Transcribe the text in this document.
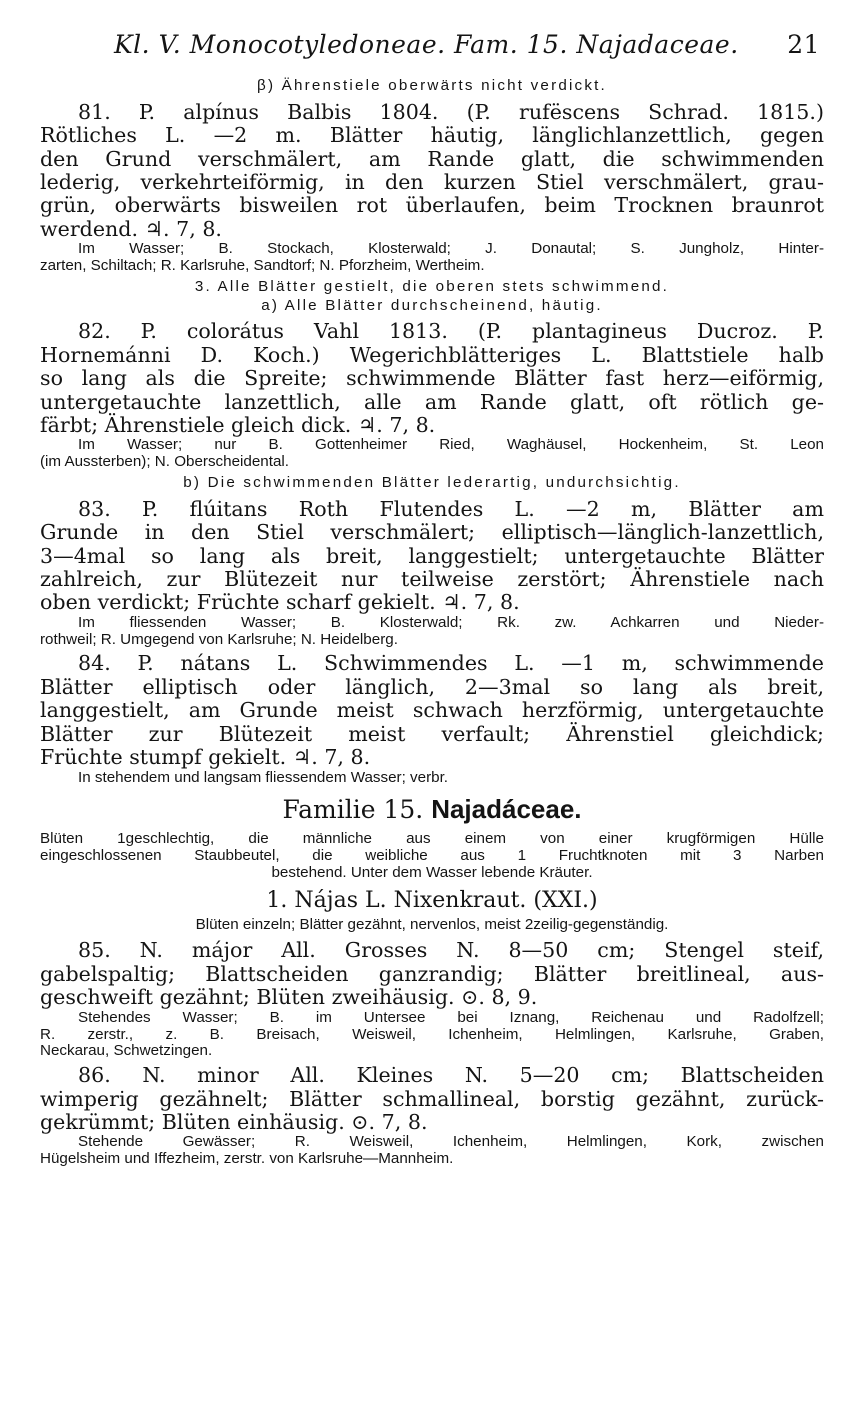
Kl. V. Monocotyledoneae. Fam. 15. Najadaceae. 21

β) Ährenstiele oberwärts nicht verdickt.

81. P. alpínus Balbis 1804. (P. rufëscens Schrad. 1815.)

Rötliches L. —2 m. Blätter häutig, länglichlanzettlich, gegen

den Grund verschmälert, am Rande glatt, die schwimmenden

lederig, verkehrteiförmig, in den kurzen Stiel verschmälert, grau-

grün, oberwärts bisweilen rot überlaufen, beim Trocknen braunrot

werdend. ♃. 7, 8.

Im Wasser; B. Stockach, Klosterwald; J. Donautal; S. Jungholz, Hinter-

zarten, Schiltach; R. Karlsruhe, Sandtorf; N. Pforzheim, Wertheim.

3. Alle Blätter gestielt, die oberen stets schwimmend.

a) Alle Blätter durchscheinend, häutig.

82. P. colorátus Vahl 1813. (P. plantagineus Ducroz. P.

Hornemánni D. Koch.) Wegerichblätteriges L. Blattstiele halb

so lang als die Spreite; schwimmende Blätter fast herz—eiförmig,

untergetauchte lanzettlich, alle am Rande glatt, oft rötlich ge-

färbt; Ährenstiele gleich dick. ♃. 7, 8.

Im Wasser; nur B. Gottenheimer Ried, Waghäusel, Hockenheim, St. Leon

(im Aussterben); N. Oberscheidental.

b) Die schwimmenden Blätter lederartig, undurchsichtig.

83. P. flúitans Roth Flutendes L. —2 m, Blätter am

Grunde in den Stiel verschmälert; elliptisch—länglich-lanzettlich,

3—4mal so lang als breit, langgestielt; untergetauchte Blätter

zahlreich, zur Blütezeit nur teilweise zerstört; Ährenstiele nach

oben verdickt; Früchte scharf gekielt. ♃. 7, 8.

Im fliessenden Wasser; B. Klosterwald; Rk. zw. Achkarren und Nieder-

rothweil; R. Umgegend von Karlsruhe; N. Heidelberg.

84. P. nátans L. Schwimmendes L. —1 m, schwimmende

Blätter elliptisch oder länglich, 2—3mal so lang als breit,

langgestielt, am Grunde meist schwach herzförmig, untergetauchte

Blätter zur Blütezeit meist verfault; Ährenstiel gleichdick;

Früchte stumpf gekielt. ♃. 7, 8.

In stehendem und langsam fliessendem Wasser; verbr.

Familie 15. Najadáceae.

Blüten 1geschlechtig, die männliche aus einem von einer krugförmigen Hülle

eingeschlossenen Staubbeutel, die weibliche aus 1 Fruchtknoten mit 3 Narben

bestehend. Unter dem Wasser lebende Kräuter.

1. Nájas L. Nixenkraut. (XXI.)

Blüten einzeln; Blätter gezähnt, nervenlos, meist 2zeilig-gegenständig.

85. N. májor All. Grosses N. 8—50 cm; Stengel steif,

gabelspaltig; Blattscheiden ganzrandig; Blätter breitlineal, aus-

geschweift gezähnt; Blüten zweihäusig. ⊙. 8, 9.

Stehendes Wasser; B. im Untersee bei Iznang, Reichenau und Radolfzell;

R. zerstr., z. B. Breisach, Weisweil, Ichenheim, Helmlingen, Karlsruhe, Graben,

Neckarau, Schwetzingen.

86. N. minor All. Kleines N. 5—20 cm; Blattscheiden

wimperig gezähnelt; Blätter schmallineal, borstig gezähnt, zurück-

gekrümmt; Blüten einhäusig. ⊙. 7, 8.

Stehende Gewässer; R. Weisweil, Ichenheim, Helmlingen, Kork, zwischen

Hügelsheim und Iffezheim, zerstr. von Karlsruhe—Mannheim.
